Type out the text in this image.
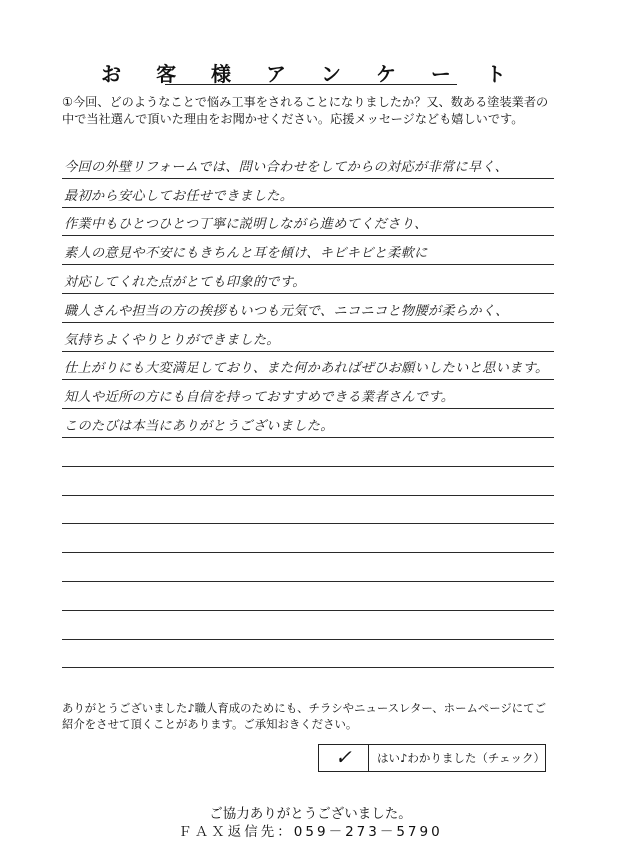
お 客 様 ア ン ケ ー ト

①今回、どのようなことで悩み工事をされることになりましたか？又、数ある塗装業者の
中で当社選んで頂いた理由をお聞かせください。応援メッセージなども嬉しいです。

今回の外壁リフォームでは、問い合わせをしてからの対応が非常に早く、
最初から安心してお任せできました。
作業中もひとつひとつ丁寧に説明しながら進めてくださり、
素人の意見や不安にもきちんと耳を傾け、キビキビと柔軟に
対応してくれた点がとても印象的です。
職人さんや担当の方の挨拶もいつも元気で、ニコニコと物腰が柔らかく、
気持ちよくやりとりができました。
仕上がりにも大変満足しており、また何かあればぜひお願いしたいと思います。
知人や近所の方にも自信を持っておすすめできる業者さんです。
このたびは本当にありがとうございました。

ありがとうございました♪職人育成のためにも、チラシやニュースレター、ホームページにてご
紹介をさせて頂くことがあります。ご承知おきください。

✓	はい♪わかりました（チェック）

ご協力ありがとうございました。

ＦＡＸ返信先：059－273－5790
